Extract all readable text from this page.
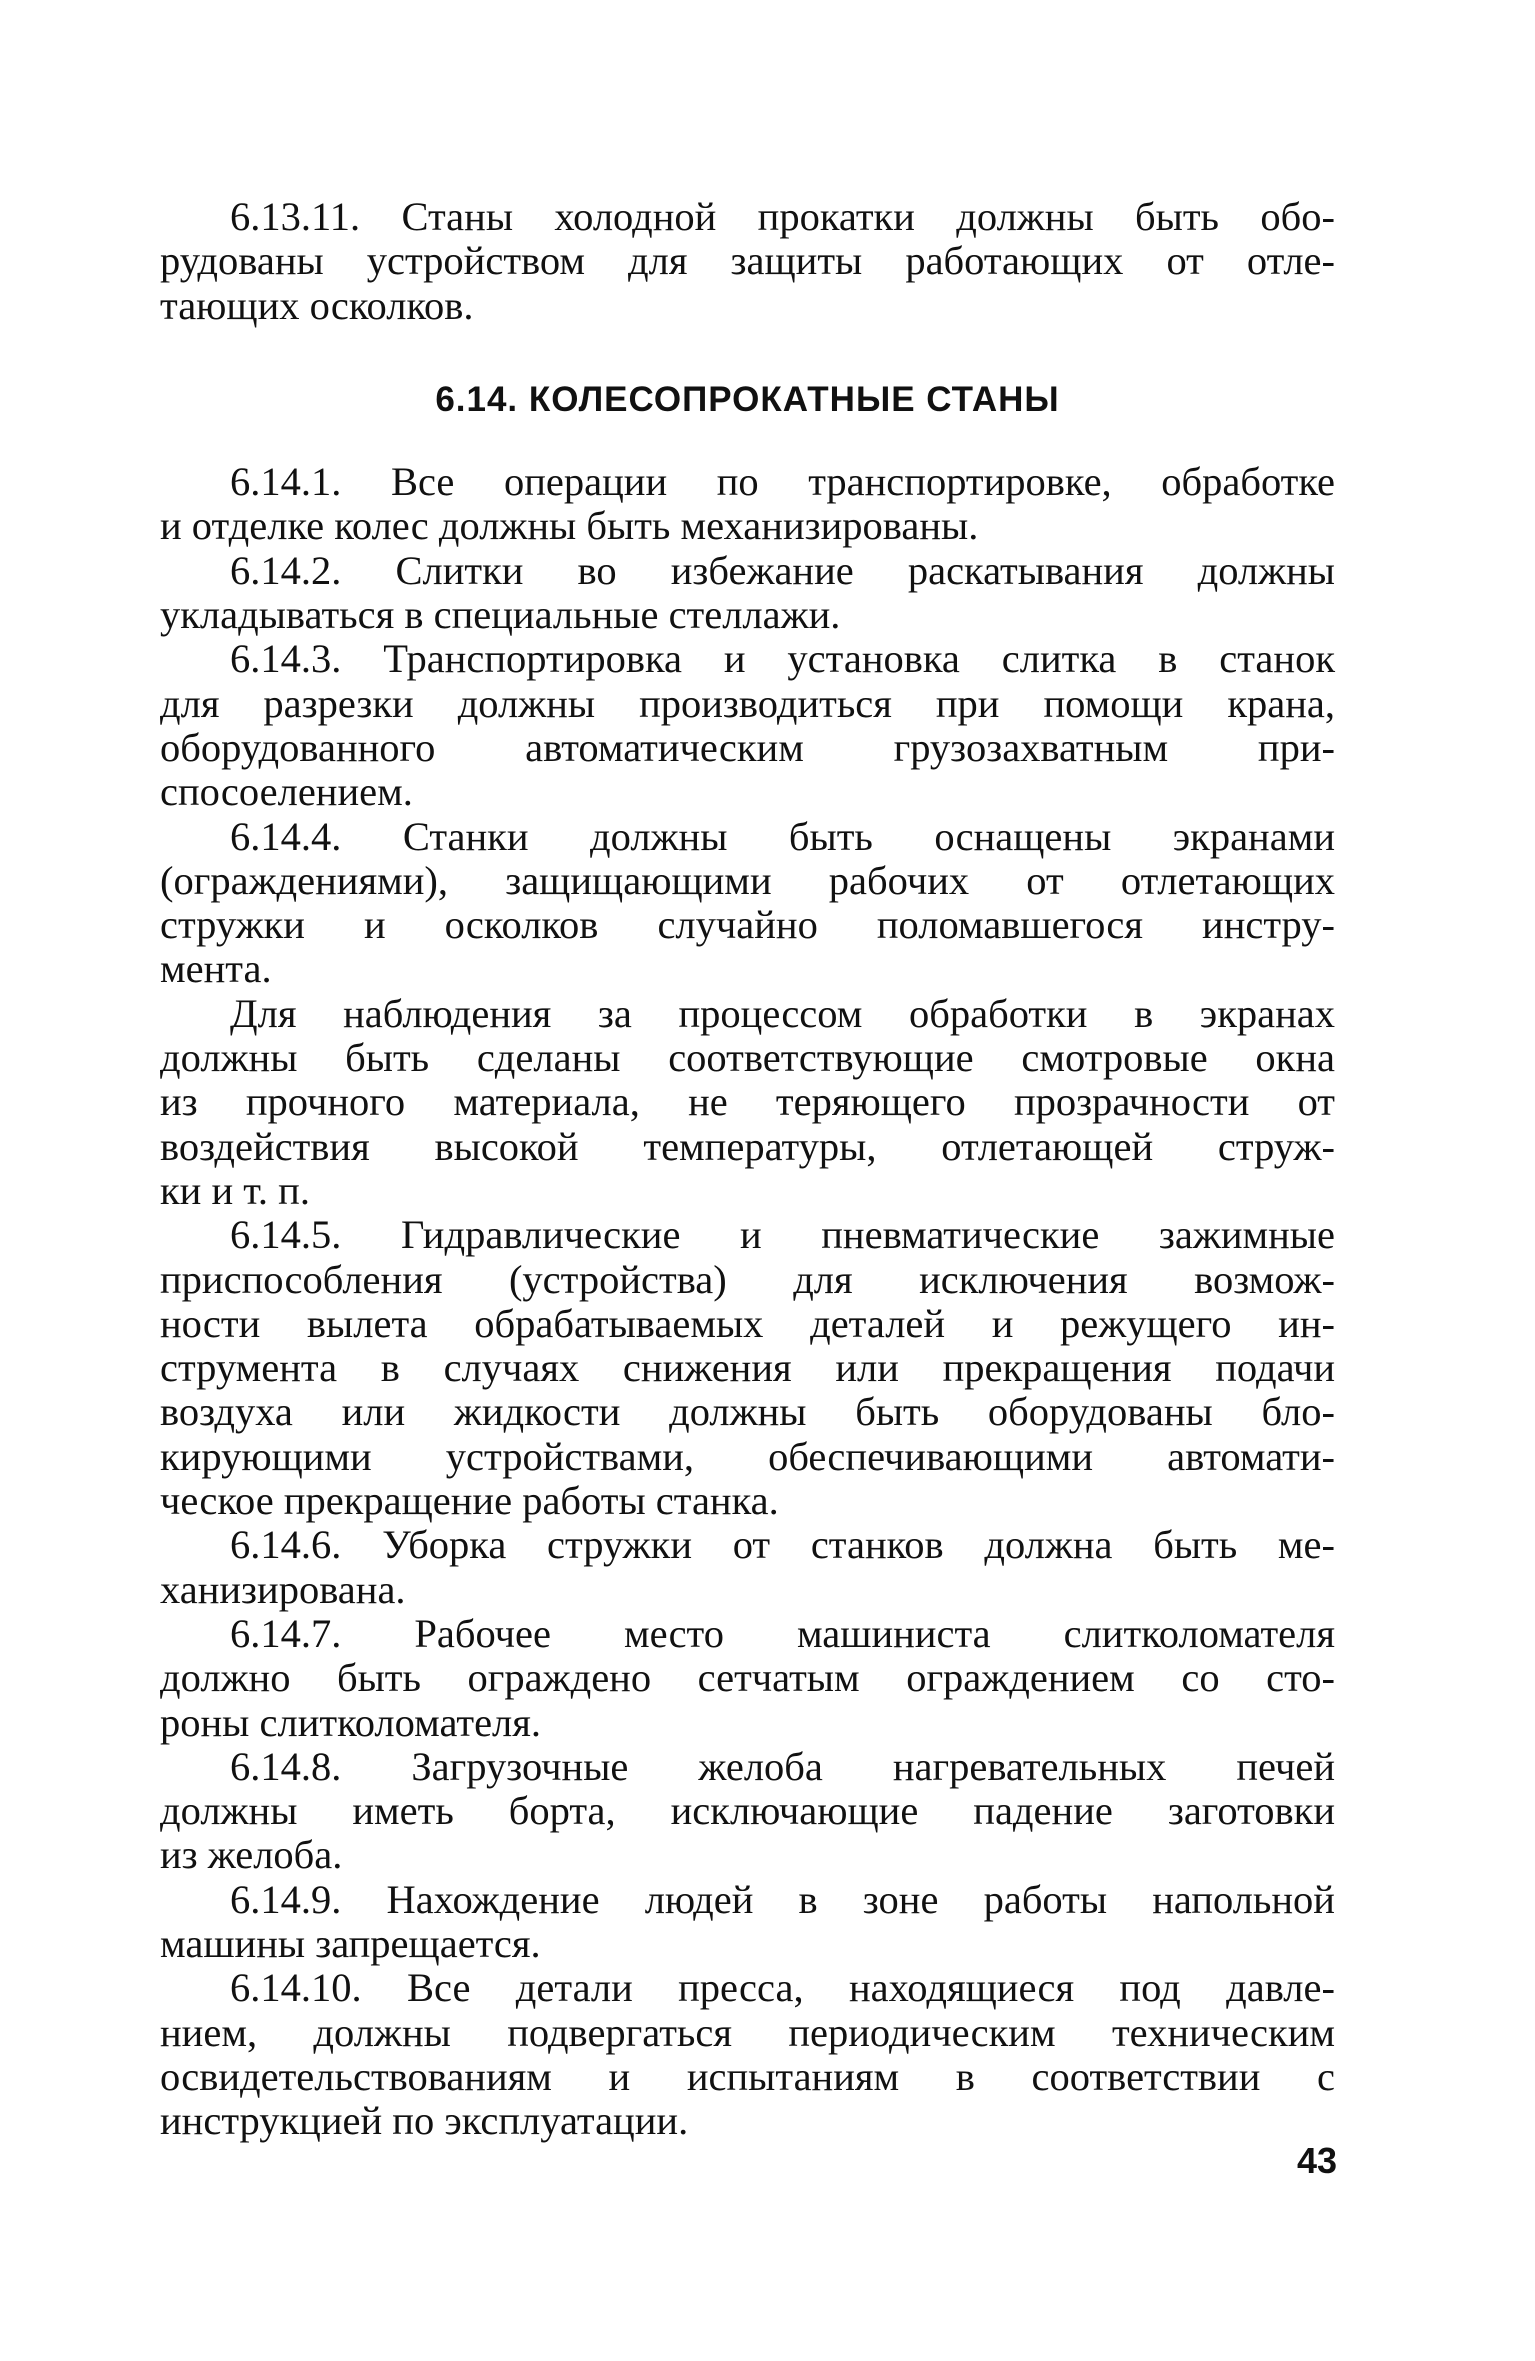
6.13.11. Станы холодной прокатки должны быть обо-
рудованы устройством для защиты работающих от отле-
тающих осколков.
6.14. КОЛЕСОПРОКАТНЫЕ СТАНЫ
6.14.1. Все операции по транспортировке, обработке
и отделке колес должны быть механизированы.
6.14.2. Слитки во избежание раскатывания должны
укладываться в специальные стеллажи.
6.14.3. Транспортировка и установка слитка в станок
для разрезки должны производиться при помощи крана,
оборудованного автоматическим грузозахватным при-
спосоелением.
6.14.4. Станки должны быть оснащены экранами
(ограждениями), защищающими рабочих от отлетающих
стружки и осколков случайно поломавшегося инстру-
мента.
Для наблюдения за процессом обработки в экранах
должны быть сделаны соответствующие смотровые окна
из прочного материала, не теряющего прозрачности от
воздействия высокой температуры, отлетающей струж-
ки и т. п.
6.14.5. Гидравлические и пневматические зажимные
приспособления (устройства) для исключения возмож-
ности вылета обрабатываемых деталей и режущего ин-
струмента в случаях снижения или прекращения подачи
воздуха или жидкости должны быть оборудованы бло-
кирующими устройствами, обеспечивающими автомати-
ческое прекращение работы станка.
6.14.6. Уборка стружки от станков должна быть ме-
ханизирована.
6.14.7. Рабочее место машиниста слитколомателя
должно быть ограждено сетчатым ограждением со сто-
роны слитколомателя.
6.14.8. Загрузочные желоба нагревательных печей
должны иметь борта, исключающие падение заготовки
из желоба.
6.14.9. Нахождение людей в зоне работы напольной
машины запрещается.
6.14.10. Все детали пресса, находящиеся под давле-
нием, должны подвергаться периодическим техническим
освидетельствованиям и испытаниям в соответствии с
инструкцией по эксплуатации.
43
